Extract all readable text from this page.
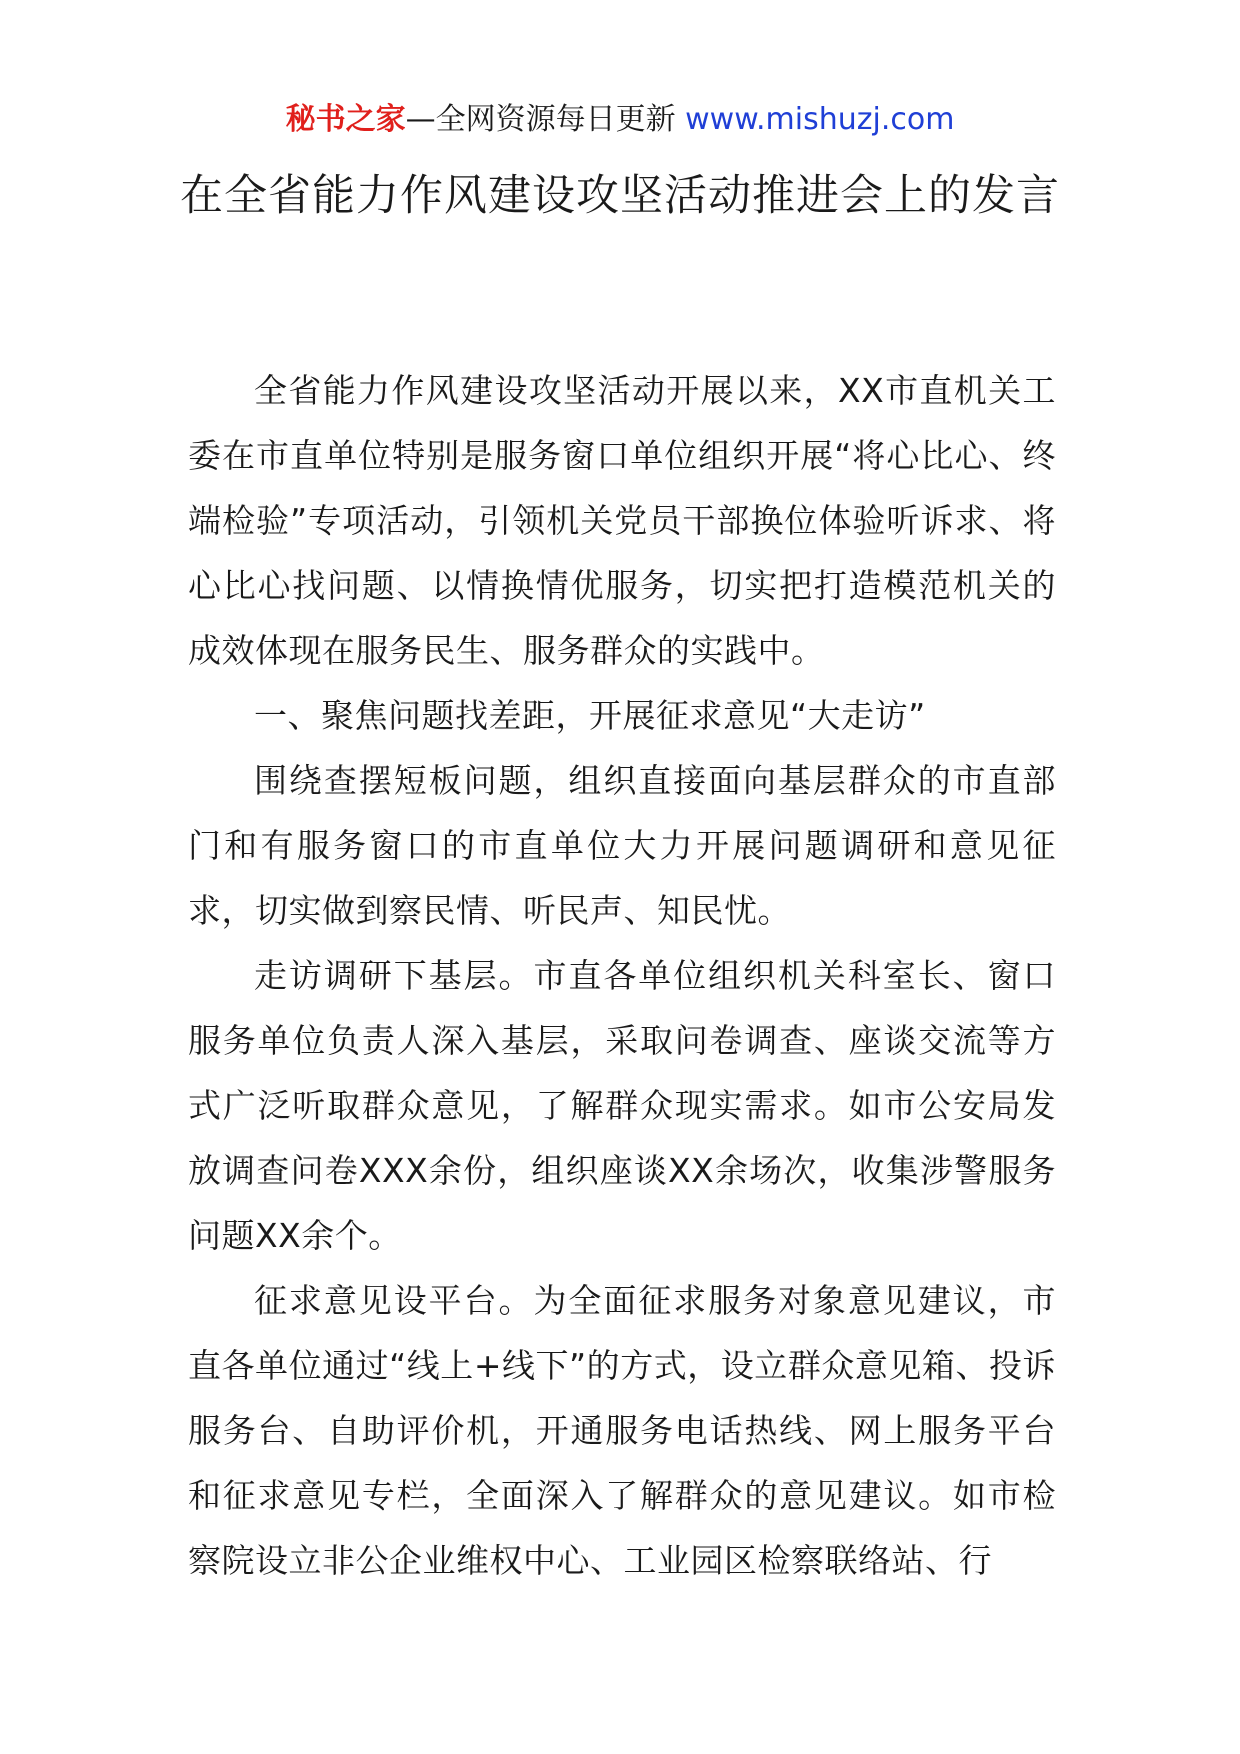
秘书之家—全网资源每日更新 www.mishuzj.com
在全省能力作风建设攻坚活动推进会上的发言

全省能力作风建设攻坚活动开展以来，XX市直机关工委在市直单位特别是服务窗口单位组织开展“将心比心、终端检验”专项活动，引领机关党员干部换位体验听诉求、将心比心找问题、以情换情优服务，切实把打造模范机关的成效体现在服务民生、服务群众的实践中。

一、聚焦问题找差距，开展征求意见“大走访”

围绕查摆短板问题，组织直接面向基层群众的市直部门和有服务窗口的市直单位大力开展问题调研和意见征求，切实做到察民情、听民声、知民忧。

走访调研下基层。市直各单位组织机关科室长、窗口服务单位负责人深入基层，采取问卷调查、座谈交流等方式广泛听取群众意见，了解群众现实需求。如市公安局发放调查问卷XXX余份，组织座谈XX余场次，收集涉警服务问题XX余个。

征求意见设平台。为全面征求服务对象意见建议，市直各单位通过“线上+线下”的方式，设立群众意见箱、投诉服务台、自助评价机，开通服务电话热线、网上服务平台和征求意见专栏，全面深入了解群众的意见建议。如市检察院设立非公企业维权中心、工业园区检察联络站、行
